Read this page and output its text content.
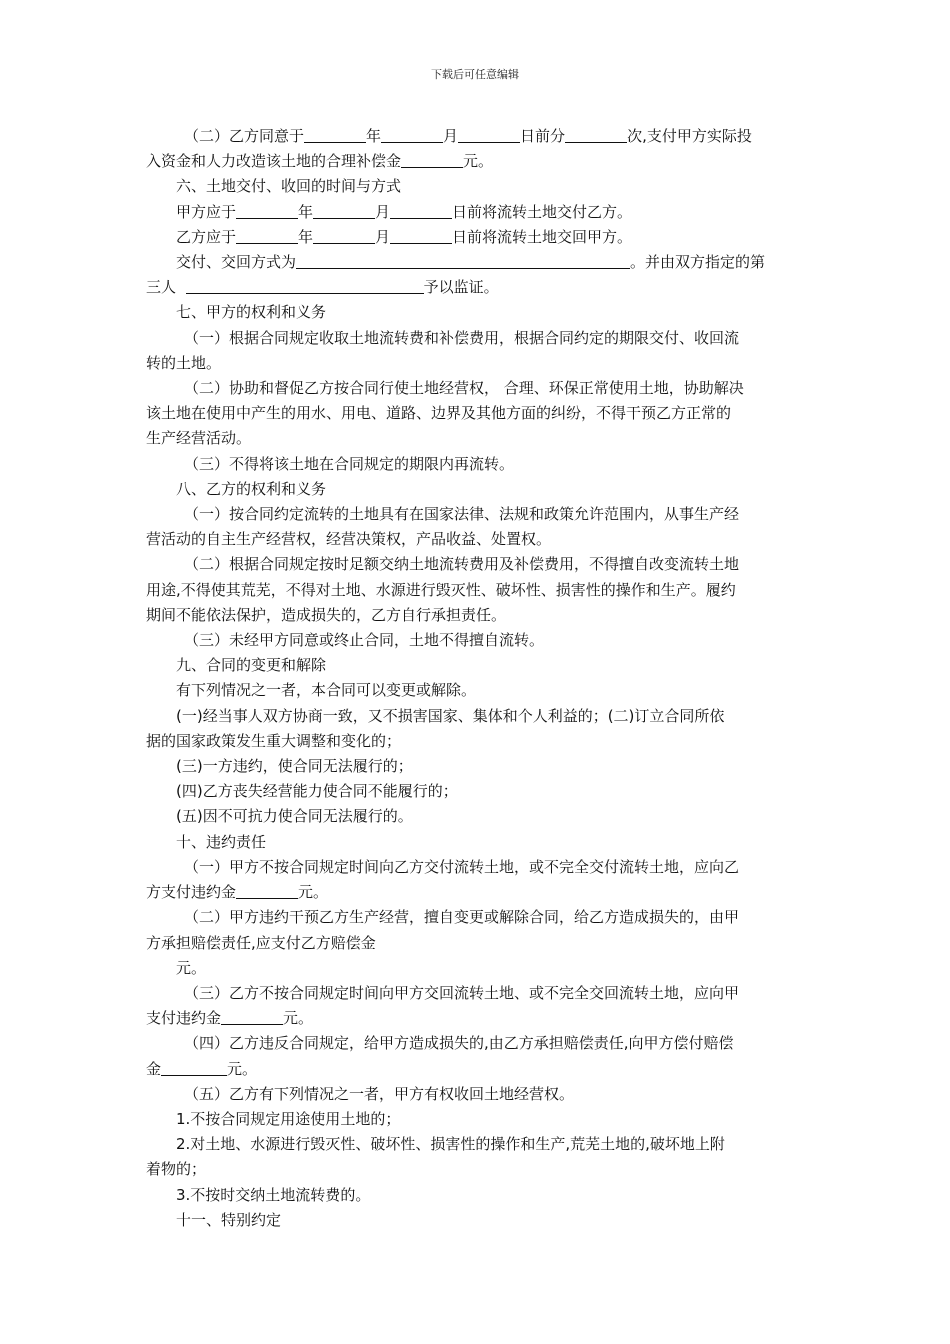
下载后可任意编辑

（二）乙方同意于	年	月	日前分	次,支付甲方实际投

入资金和人力改造该土地的合理补偿金	元。

六、土地交付、收回的时间与方式

甲方应于	年	月	日前将流转土地交付乙方。

乙方应于	年	月	日前将流转土地交回甲方。

交付、交回方式为	。并由双方指定的第

三人	予以监证。

七、甲方的权利和义务

（一）根据合同规定收取土地流转费和补偿费用，根据合同约定的期限交付、收回流

转的土地。

（二）协助和督促乙方按合同行使土地经营权， 合理、环保正常使用土地，协助解决

该土地在使用中产生的用水、用电、道路、边界及其他方面的纠纷，不得干预乙方正常的

生产经营活动。

（三）不得将该土地在合同规定的期限内再流转。

八、乙方的权利和义务

（一）按合同约定流转的土地具有在国家法律、法规和政策允许范围内，从事生产经

营活动的自主生产经营权，经营决策权，产品收益、处置权。

（二）根据合同规定按时足额交纳土地流转费用及补偿费用，不得擅自改变流转土地

用途,不得使其荒芜，不得对土地、水源进行毁灭性、破坏性、损害性的操作和生产。履约

期间不能依法保护，造成损失的，乙方自行承担责任。

（三）未经甲方同意或终止合同，土地不得擅自流转。

九、合同的变更和解除

有下列情况之一者，本合同可以变更或解除。

(一)经当事人双方协商一致，又不损害国家、集体和个人利益的；(二)订立合同所依

据的国家政策发生重大调整和变化的；

(三)一方违约，使合同无法履行的；

(四)乙方丧失经营能力使合同不能履行的；

(五)因不可抗力使合同无法履行的。

十、违约责任

（一）甲方不按合同规定时间向乙方交付流转土地，或不完全交付流转土地，应向乙

方支付违约金	元。

（二）甲方违约干预乙方生产经营，擅自变更或解除合同，给乙方造成损失的，由甲

方承担赔偿责任,应支付乙方赔偿金

元。

（三）乙方不按合同规定时间向甲方交回流转土地、或不完全交回流转土地，应向甲

支付违约金	元。

（四）乙方违反合同规定，给甲方造成损失的,由乙方承担赔偿责任,向甲方偿付赔偿

金	元。

（五）乙方有下列情况之一者，甲方有权收回土地经营权。

1.不按合同规定用途使用土地的；

2.对土地、水源进行毁灭性、破坏性、损害性的操作和生产,荒芜土地的,破坏地上附

着物的；

3.不按时交纳土地流转费的。

十一、特别约定
